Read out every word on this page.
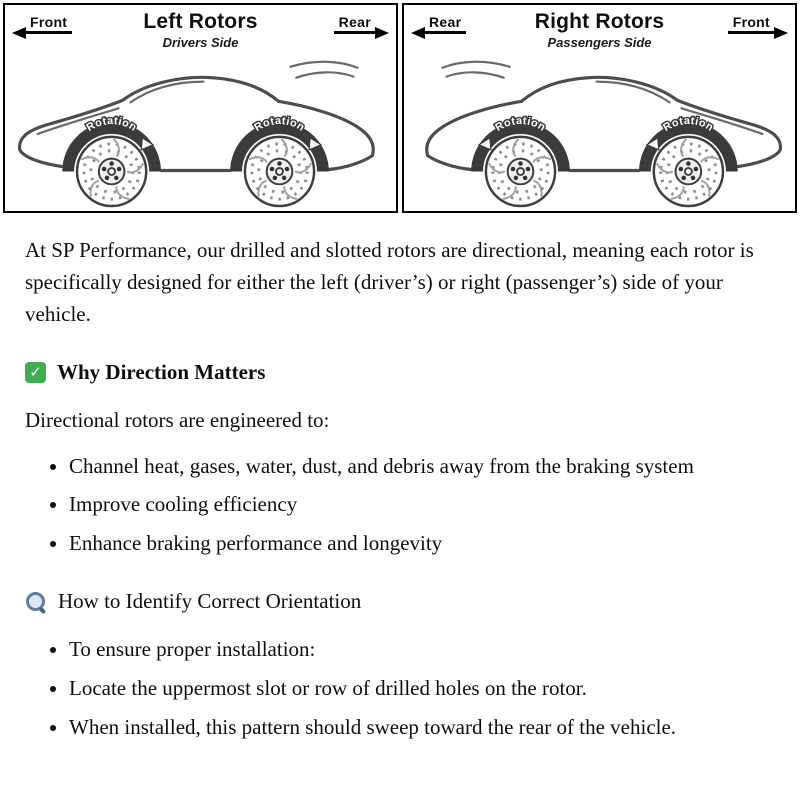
Front	Left Rotors
Drivers Side
Rear
Rotation	Rotation
Rear	Right Rotors
Passengers Side
Front
Rotation	Rotation

At SP Performance, our drilled and slotted rotors are directional, meaning each rotor is specifically designed for either the left (driver’s) or right (passenger’s) side of your vehicle.

✓
Why Direction Matters

Directional rotors are engineered to:

• Channel heat, gases, water, dust, and debris away from the braking system
• Improve cooling efficiency
• Enhance braking performance and longevity
How to Identify Correct Orientation
• To ensure proper installation:
• Locate the uppermost slot or row of drilled holes on the rotor.
• When installed, this pattern should sweep toward the rear of the vehicle.
